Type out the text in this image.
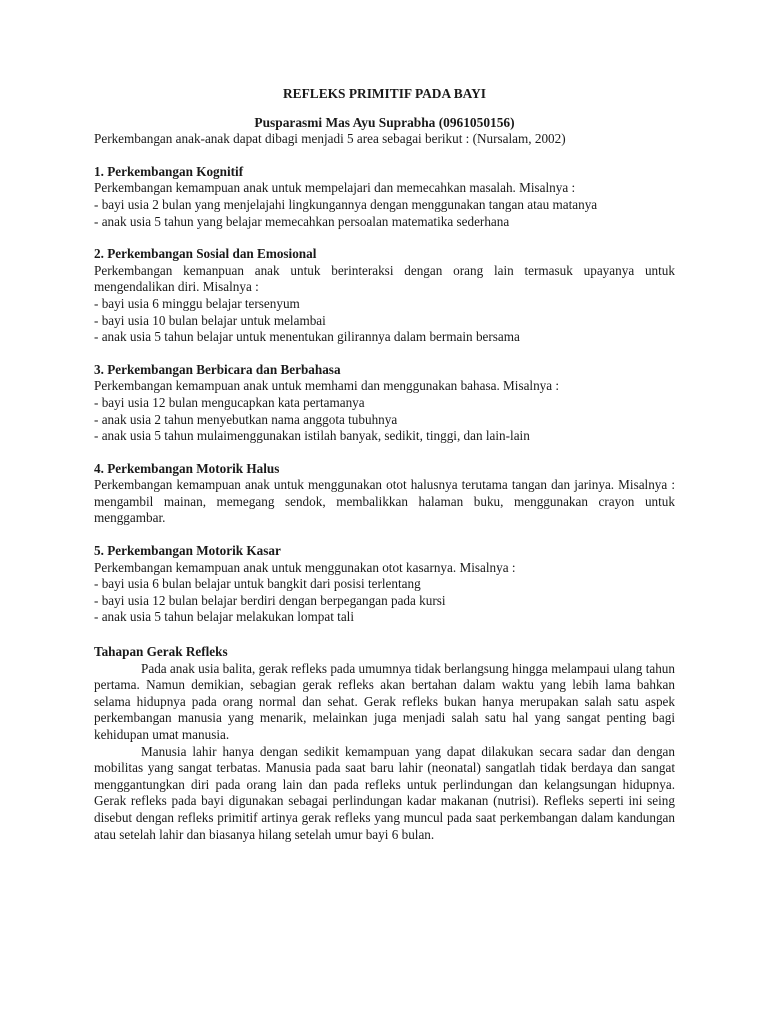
REFLEKS PRIMITIF PADA BAYI

Pusparasmi Mas Ayu Suprabha (0961050156)

Perkembangan anak-anak dapat dibagi menjadi 5 area sebagai berikut : (Nursalam, 2002)

1. Perkembangan Kognitif

Perkembangan kemampuan anak untuk mempelajari dan memecahkan masalah. Misalnya :

- bayi usia 2 bulan yang menjelajahi lingkungannya dengan menggunakan tangan atau matanya

- anak usia 5 tahun yang belajar memecahkan persoalan matematika sederhana

2. Perkembangan Sosial dan Emosional

Perkembangan kemanpuan anak untuk berinteraksi dengan orang lain termasuk upayanya untuk mengendalikan diri. Misalnya :

- bayi usia 6 minggu belajar tersenyum

- bayi usia 10 bulan belajar untuk melambai

- anak usia 5 tahun belajar untuk menentukan gilirannya dalam bermain bersama

3. Perkembangan Berbicara dan Berbahasa

Perkembangan kemampuan anak untuk memhami dan menggunakan bahasa. Misalnya :

- bayi usia 12 bulan mengucapkan kata pertamanya

- anak usia 2 tahun menyebutkan nama anggota tubuhnya

- anak usia 5 tahun mulaimenggunakan istilah banyak, sedikit, tinggi, dan lain-lain

4. Perkembangan Motorik Halus

Perkembangan kemampuan anak untuk menggunakan otot halusnya terutama tangan dan jarinya. Misalnya : mengambil mainan, memegang sendok, membalikkan halaman buku, menggunakan crayon untuk menggambar.

5. Perkembangan Motorik Kasar

Perkembangan kemampuan anak untuk menggunakan otot kasarnya. Misalnya :

- bayi usia 6 bulan belajar untuk bangkit dari posisi terlentang

- bayi usia 12 bulan belajar berdiri dengan berpegangan pada kursi

- anak usia 5 tahun belajar melakukan lompat tali

Tahapan Gerak Refleks

Pada anak usia balita, gerak refleks pada umumnya tidak berlangsung hingga melampaui ulang tahun pertama. Namun demikian, sebagian gerak refleks akan bertahan dalam waktu yang lebih lama bahkan selama hidupnya pada orang normal dan sehat. Gerak refleks bukan hanya merupakan salah satu aspek perkembangan manusia yang menarik, melainkan juga menjadi salah satu hal yang sangat penting bagi kehidupan umat manusia.

Manusia lahir hanya dengan sedikit kemampuan yang dapat dilakukan secara sadar dan dengan mobilitas yang sangat terbatas. Manusia pada saat baru lahir (neonatal) sangatlah tidak berdaya dan sangat menggantungkan diri pada orang lain dan pada refleks untuk perlindungan dan kelangsungan hidupnya. Gerak refleks pada bayi digunakan sebagai perlindungan kadar makanan (nutrisi). Refleks seperti ini seing disebut dengan refleks primitif artinya gerak refleks yang muncul pada saat perkembangan dalam kandungan atau setelah lahir dan biasanya hilang setelah umur bayi 6 bulan.
